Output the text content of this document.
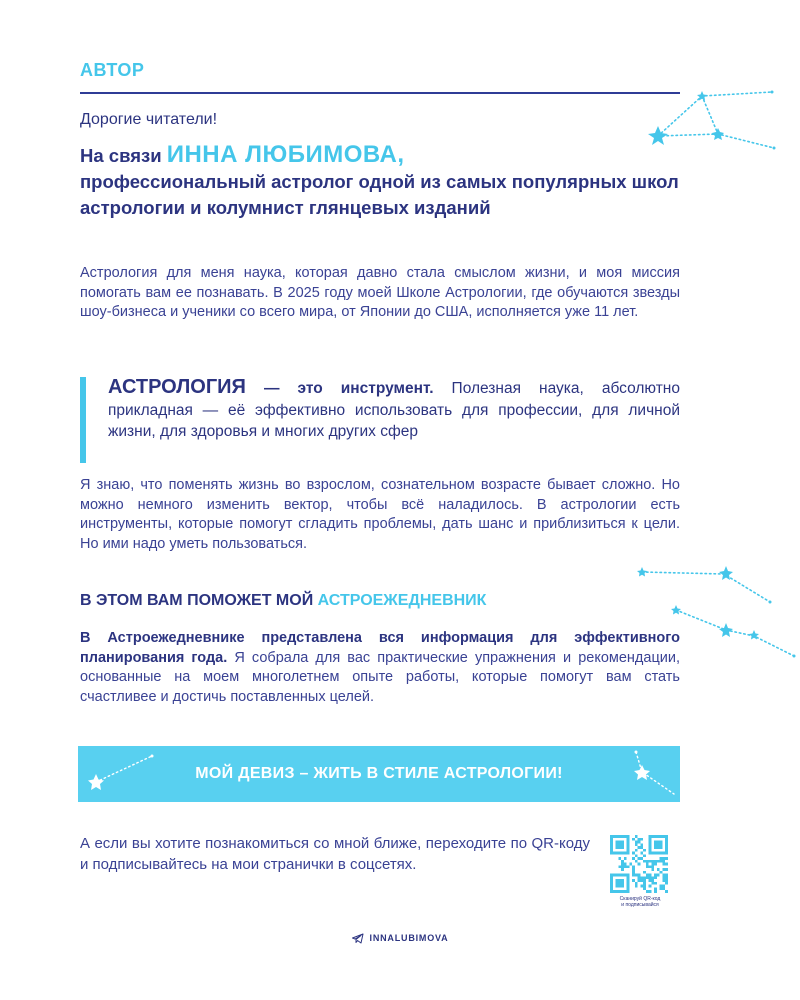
АВТОР

Дорогие читатели!

На связи ИННА ЛЮБИМОВА,
профессиональный астролог одной из самых популярных школ астрологии и колумнист глянцевых изданий

Астрология для меня наука, которая давно стала смыслом жизни, и моя миссия помогать вам ее познавать. В 2025 году моей Школе Астрологии, где обучаются звезды шоу-бизнеса и ученики со всего мира, от Японии до США, исполняется уже 11 лет.

АСТРОЛОГИЯ — это инструмент. Полезная наука, абсолютно прикладная — её эффективно использовать для профессии, для личной жизни, для здоровья и многих других сфер

Я знаю, что поменять жизнь во взрослом, сознательном возрасте бывает сложно. Но можно немного изменить вектор, чтобы всё наладилось. В астрологии есть инструменты, которые помогут сгладить проблемы, дать шанс и приблизиться к цели. Но ими надо уметь пользоваться.

В ЭТОМ ВАМ ПОМОЖЕТ МОЙ АСТРОЕЖЕДНЕВНИК

В Астроежедневнике представлена вся информация для эффективного планирования года. Я собрала для вас практические упражнения и рекомендации, основанные на моем многолетнем опыте работы, которые помогут вам стать счастливее и достичь поставленных целей.

МОЙ ДЕВИЗ – ЖИТЬ В СТИЛЕ АСТРОЛОГИИ!

А если вы хотите познакомиться со мной ближе, переходите по QR-коду и подписывайтесь на мои странички в соцсетях.

Сканируй QR-код
и подписывайся

INNALUBIMOVA
